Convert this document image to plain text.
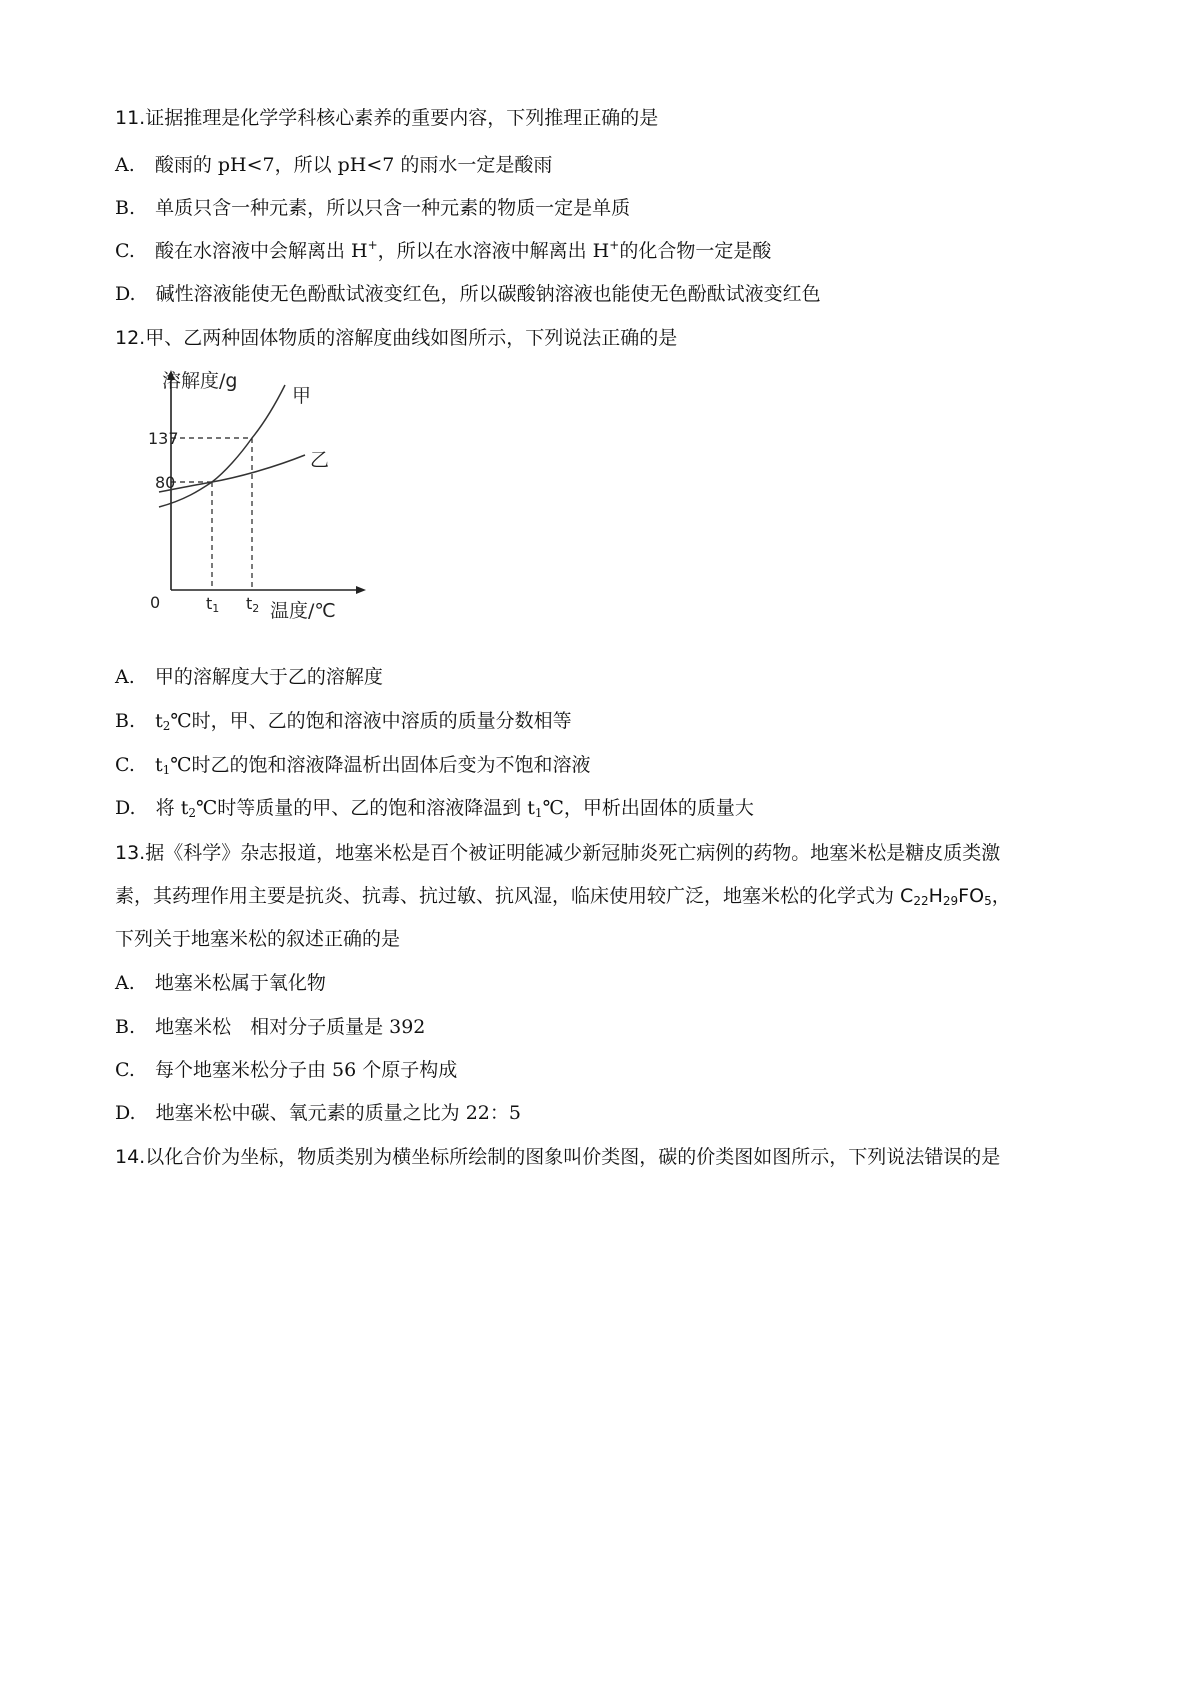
11.证据推理是化学学科核心素养的重要内容，下列推理正确的是
A. 酸雨的 pH<7，所以 pH<7 的雨水一定是酸雨
B. 单质只含一种元素，所以只含一种元素的物质一定是单质
C. 酸在水溶液中会解离出 H+，所以在水溶液中解离出 H+的化合物一定是酸
D. 碱性溶液能使无色酚酞试液变红色，所以碳酸钠溶液也能使无色酚酞试液变红色
12.甲、乙两种固体物质的溶解度曲线如图所示，下列说法正确的是
溶解度/g
甲
乙
137
80
0	t1 t2 温度/℃
A. 甲的溶解度大于乙的溶解度
B. $t_2℃$时，甲、乙的饱和溶液中溶质的质量分数相等
C. $t_1℃$时乙的饱和溶液降温析出固体后变为不饱和溶液
D. 将 $t_2℃$时等质量的甲、乙的饱和溶液降温到 $t_1℃$，甲析出固体的质量大
13.据《科学》杂志报道，地塞米松是百个被证明能减少新冠肺炎死亡病例的药物。地塞米松是糖皮质类激
素，其药理作用主要是抗炎、抗毒、抗过敏、抗风湿，临床使用较广泛，地塞米松的化学式为 $C_{22}H_{29}FO_5$，
下列关于地塞米松的叙述正确的是
A. 地塞米松属于氧化物
B. 地塞米松　相对分子质量是 392
C. 每个地塞米松分子由 56 个原子构成
D. 地塞米松中碳、氧元素的质量之比为 22：5
14.以化合价为坐标，物质类别为横坐标所绘制的图象叫价类图，碳的价类图如图所示，下列说法错误的是
